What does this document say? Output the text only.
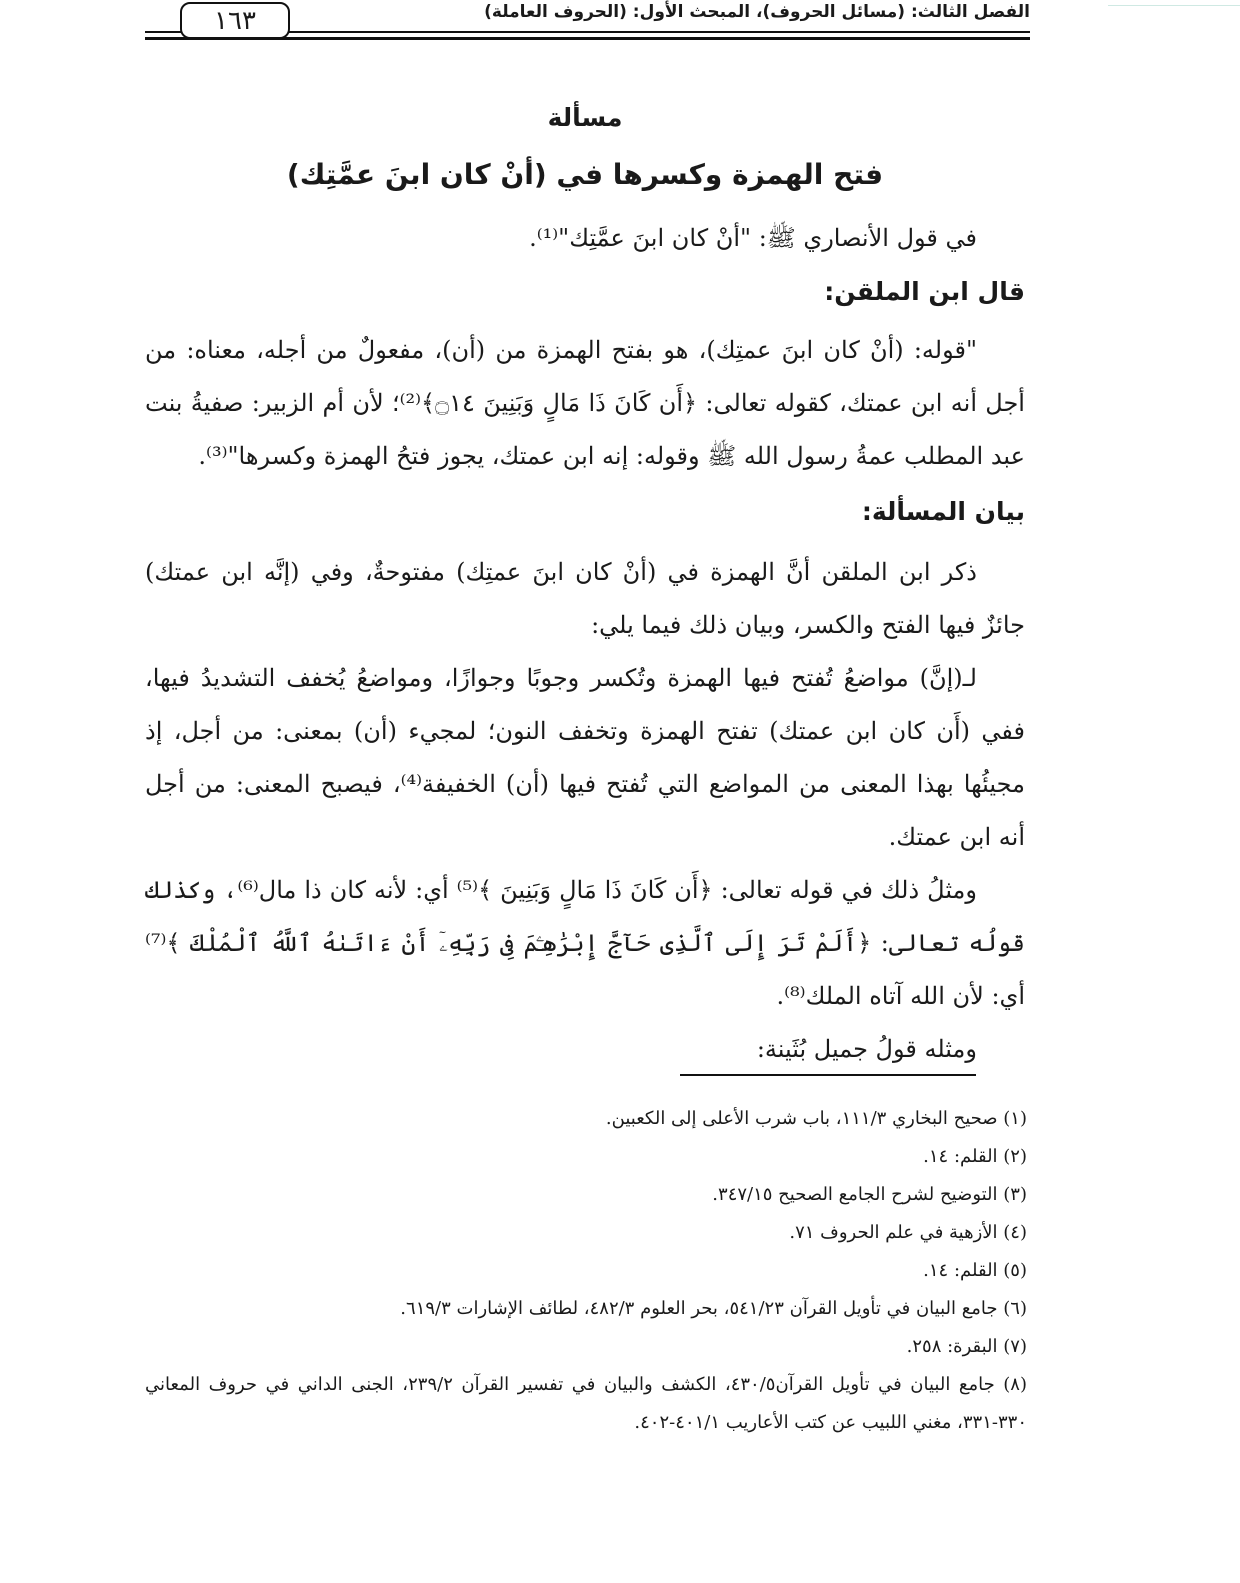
١٦٣	الفصل الثالث: (مسائل الحروف)، المبحث الأول: (الحروف العاملة)
مسألة
فتح الهمزة وكسرها في (أنْ كان ابنَ عمَّتِك)

في قول الأنصاري ﷺ: "أنْ كان ابنَ عمَّتِك"⁽¹⁾.

قال ابن الملقن:

"قوله: (أنْ كان ابنَ عمتِك)، هو بفتح الهمزة من (أن)، مفعولٌ من أجله، معناه: من أجل أنه ابن عمتك، كقوله تعالى: ﴿أَن كَانَ ذَا مَالٍ وَبَنِينَ ۝١٤﴾⁽²⁾؛ لأن أم الزبير: صفيةُ بنت عبد المطلب عمةُ رسول الله ﷺ وقوله: إنه ابن عمتك، يجوز فتحُ الهمزة وكسرها"⁽³⁾.

بيان المسألة:

ذكر ابن الملقن أنَّ الهمزة في (أنْ كان ابنَ عمتِك) مفتوحةٌ، وفي (إنَّه ابن عمتك) جائزٌ فيها الفتح والكسر، وبيان ذلك فيما يلي:

لـ(إنَّ) مواضعُ تُفتح فيها الهمزة وتُكسر وجوبًا وجوازًا، ومواضعُ يُخفف التشديدُ فيها، ففي (أَن كان ابن عمتك) تفتح الهمزة وتخفف النون؛ لمجيء (أن) بمعنى: من أجل، إذ مجيئُها بهذا المعنى من المواضع التي تُفتح فيها (أن) الخفيفة⁽⁴⁾، فيصبح المعنى: من أجل أنه ابن عمتك.

ومثلُ ذلك في قوله تعالى: ﴿أَن كَانَ ذَا مَالٍ وَبَنِينَ ﴾⁽⁵⁾ أي: لأنه كان ذا مال⁽⁶⁾، وكذلك قولُه تعالى: ﴿أَلَمْ تَرَ إِلَى ٱلَّذِى حَآجَّ إِبْرَٰهِـۧمَ فِى رَبِّهِۦٓ أَنْ ءَاتَىٰهُ ٱللَّهُ ٱلْمُلْكَ ﴾⁽⁷⁾ أي: لأن الله آتاه الملك⁽⁸⁾.

ومثله قولُ جميل بُثَينة:

(١) صحيح البخاري ١١١/٣، باب شرب الأعلى إلى الكعبين.
(٢) القلم: ١٤.
(٣) التوضيح لشرح الجامع الصحيح ٣٤٧/١٥.
(٤) الأزهية في علم الحروف ٧١.
(٥) القلم: ١٤.
(٦) جامع البيان في تأويل القرآن ٥٤١/٢٣، بحر العلوم ٤٨٢/٣، لطائف الإشارات ٦١٩/٣.
(٧) البقرة: ٢٥٨.
(٨) جامع البيان في تأويل القرآن٤٣٠/٥، الكشف والبيان في تفسير القرآن ٢٣٩/٢، الجنى الداني في حروف المعاني ٣٣٠-٣٣١، مغني اللبيب عن كتب الأعاريب ٤٠١/١-٤٠٢.
